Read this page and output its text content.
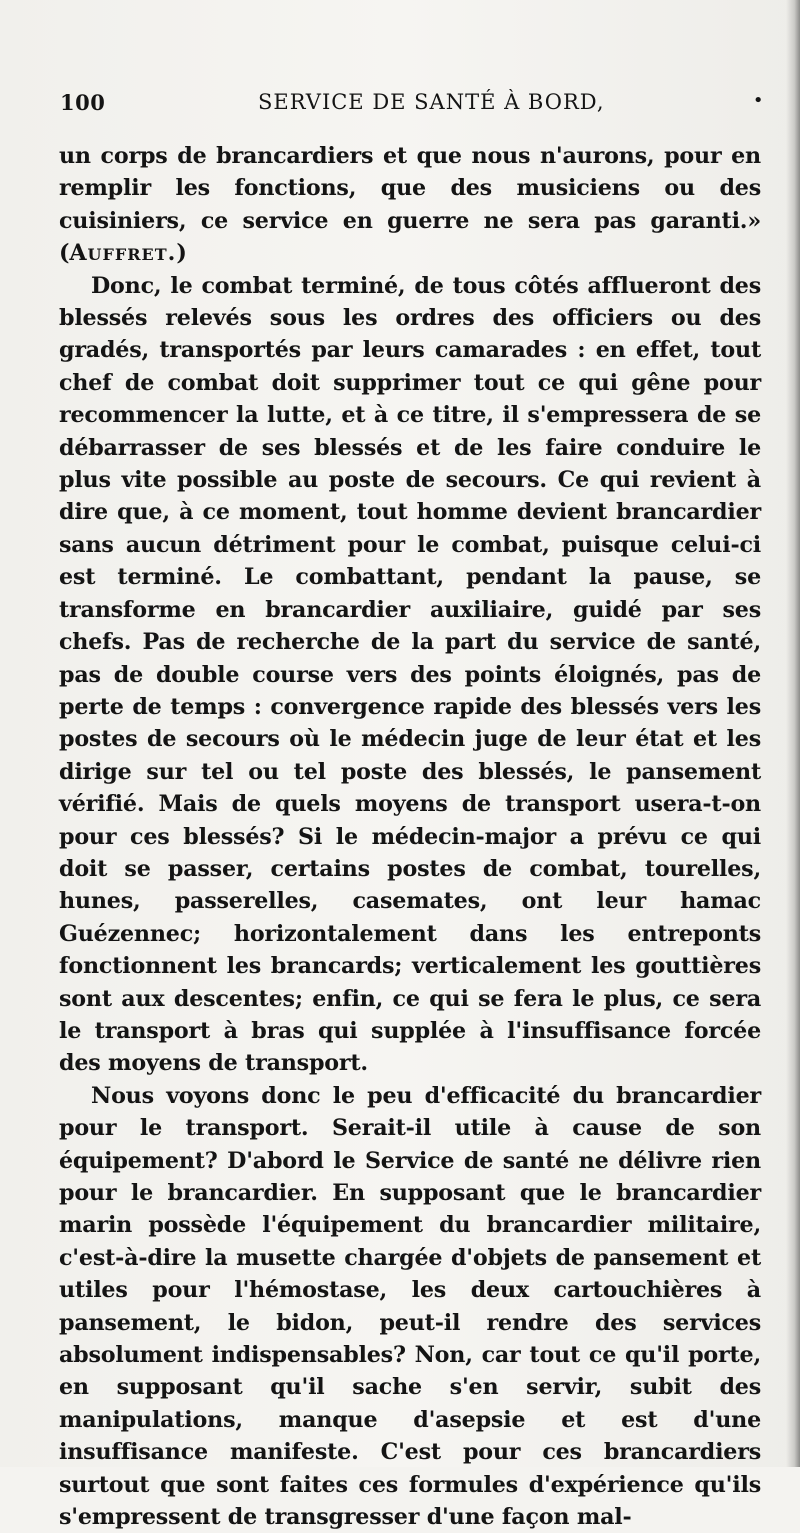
100	SERVICE DE SANTÉ À BORD,	•

un corps de brancardiers et que nous n'aurons, pour en remplir les fonctions, que des musiciens ou des cuisiniers, ce service en guerre ne sera pas garanti.» (Auffret.)

Donc, le combat terminé, de tous côtés afflueront des blessés relevés sous les ordres des officiers ou des gradés, transportés par leurs camarades : en effet, tout chef de combat doit supprimer tout ce qui gêne pour recommencer la lutte, et à ce titre, il s'empressera de se débarrasser de ses blessés et de les faire conduire le plus vite possible au poste de secours. Ce qui revient à dire que, à ce moment, tout homme devient brancardier sans aucun détriment pour le combat, puisque celui-ci est terminé. Le combattant, pendant la pause, se transforme en brancardier auxiliaire, guidé par ses chefs. Pas de recherche de la part du service de santé, pas de double course vers des points éloignés, pas de perte de temps : convergence rapide des blessés vers les postes de secours où le médecin juge de leur état et les dirige sur tel ou tel poste des blessés, le pansement vérifié. Mais de quels moyens de transport usera-t-on pour ces blessés? Si le médecin-major a prévu ce qui doit se passer, certains postes de combat, tourelles, hunes, passerelles, casemates, ont leur hamac Guézennec; horizontalement dans les entreponts fonctionnent les brancards; verticalement les gouttières sont aux descentes; enfin, ce qui se fera le plus, ce sera le transport à bras qui supplée à l'insuffisance forcée des moyens de transport.

Nous voyons donc le peu d'efficacité du brancardier pour le transport. Serait-il utile à cause de son équipement? D'abord le Service de santé ne délivre rien pour le brancardier. En supposant que le brancardier marin possède l'équipement du brancardier militaire, c'est-à-dire la musette chargée d'objets de pansement et utiles pour l'hémostase, les deux cartouchières à pansement, le bidon, peut-il rendre des services absolument indispensables? Non, car tout ce qu'il porte, en supposant qu'il sache s'en servir, subit des manipulations, manque d'asepsie et est d'une insuffisance manifeste. C'est pour ces brancardiers surtout que sont faites ces formules d'expérience qu'ils s'empressent de transgresser d'une façon mal-
